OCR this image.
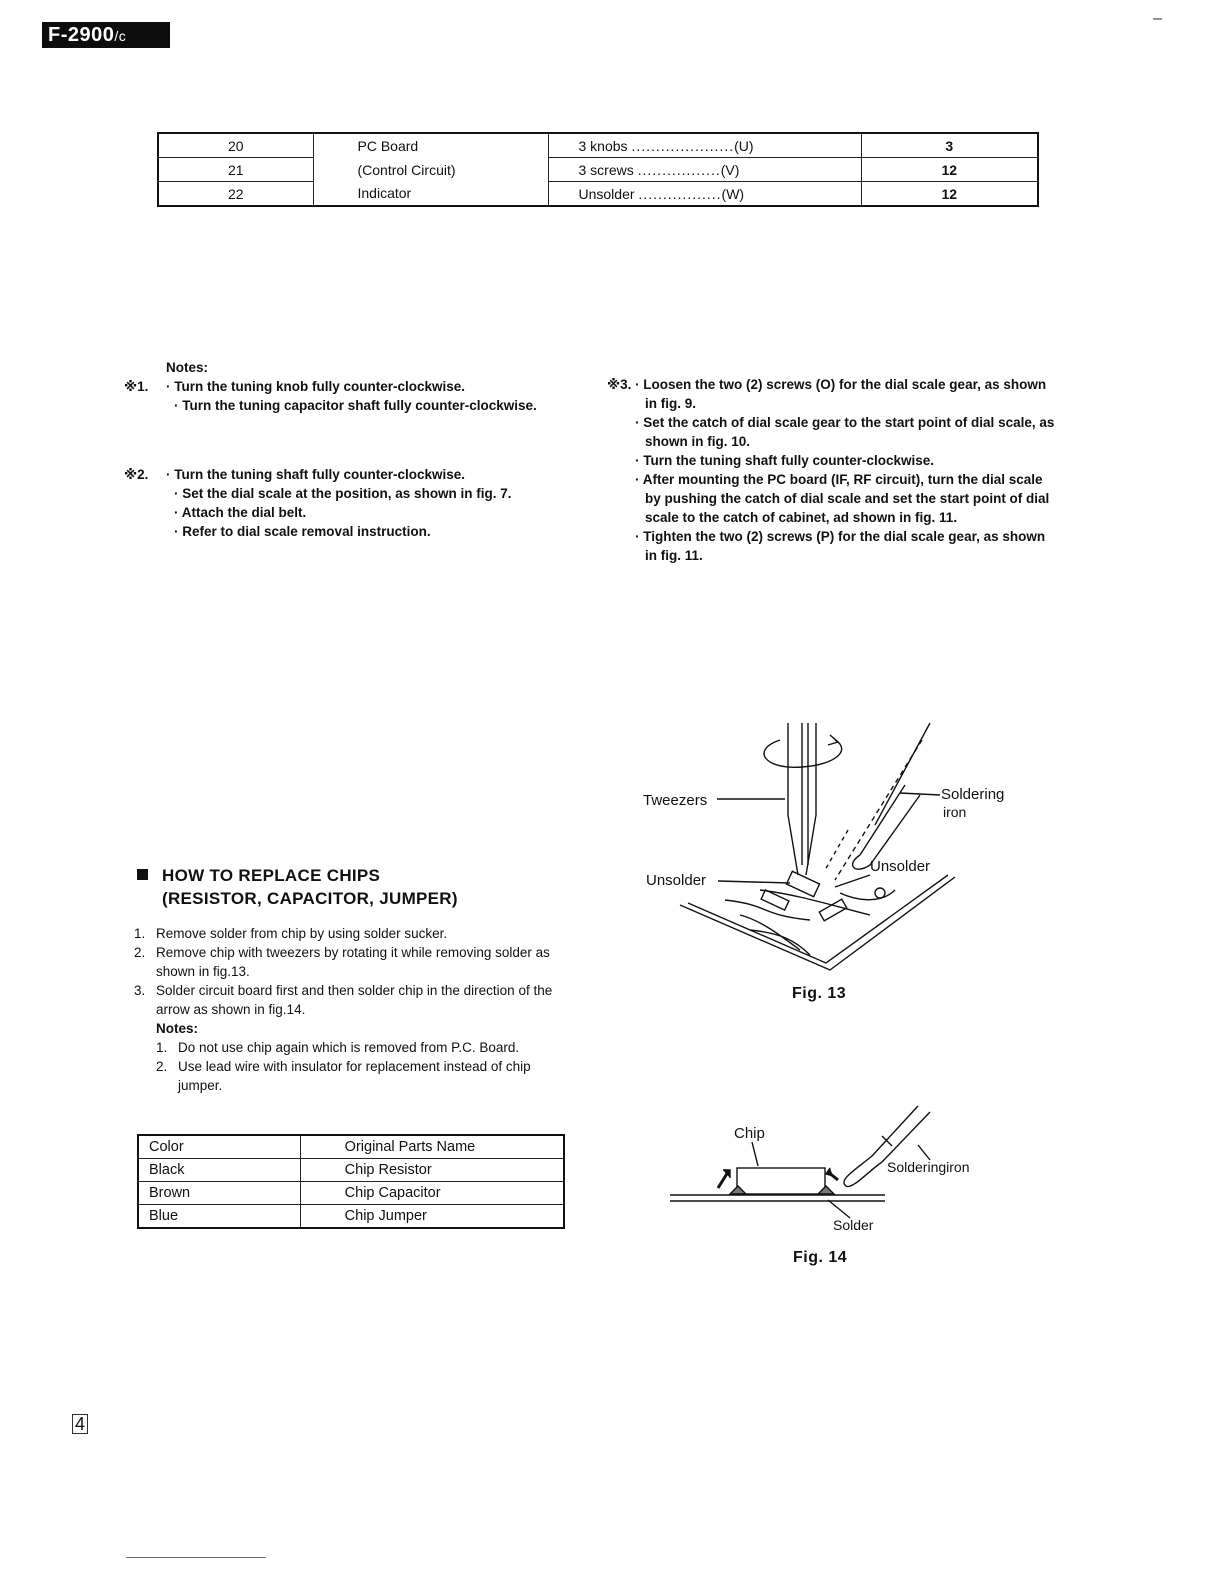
F-2900/c
–
20	PC Board	3 knobs .....................(U)	3
21	(Control Circuit)	3 screws .................(V)	12
22	Indicator	Unsolder .................(W)	12

Notes:

※1. · Turn the tuning knob fully counter-clockwise.

· Turn the tuning capacitor shaft fully counter-clockwise.

※2. · Turn the tuning shaft fully counter-clockwise.

· Set the dial scale at the position, as shown in fig. 7.

· Attach the dial belt.

· Refer to dial scale removal instruction.

※3. · Loosen the two (2) screws (O) for the dial scale gear, as shown in fig. 9.

· Set the catch of dial scale gear to the start point of dial scale, as shown in fig. 10.

· Turn the tuning shaft fully counter-clockwise.

· After mounting the PC board (IF, RF circuit), turn the dial scale by pushing the catch of dial scale and set the start point of dial scale to the catch of cabinet, ad shown in fig. 11.

· Tighten the two (2) screws (P) for the dial scale gear, as shown in fig. 11.

HOW TO REPLACE CHIPS
(RESISTOR, CAPACITOR, JUMPER)
1. Remove solder from chip by using solder sucker.
2. Remove chip with tweezers by rotating it while removing solder as shown in fig.13.
3. Solder circuit board first and then solder chip in the direction of the arrow as shown in fig.14.
Notes:
1. Do not use chip again which is removed from P.C. Board.
2. Use lead wire with insulator for replacement instead of chip jumper.
Color	Original Parts Name
Black	Chip Resistor
Brown	Chip Capacitor
Blue	Chip Jumper
Tweezers	Soldering
iron
Unsolder
Unsolder
Fig. 13
Chip
Solderingiron
Solder
Fig. 14
4
